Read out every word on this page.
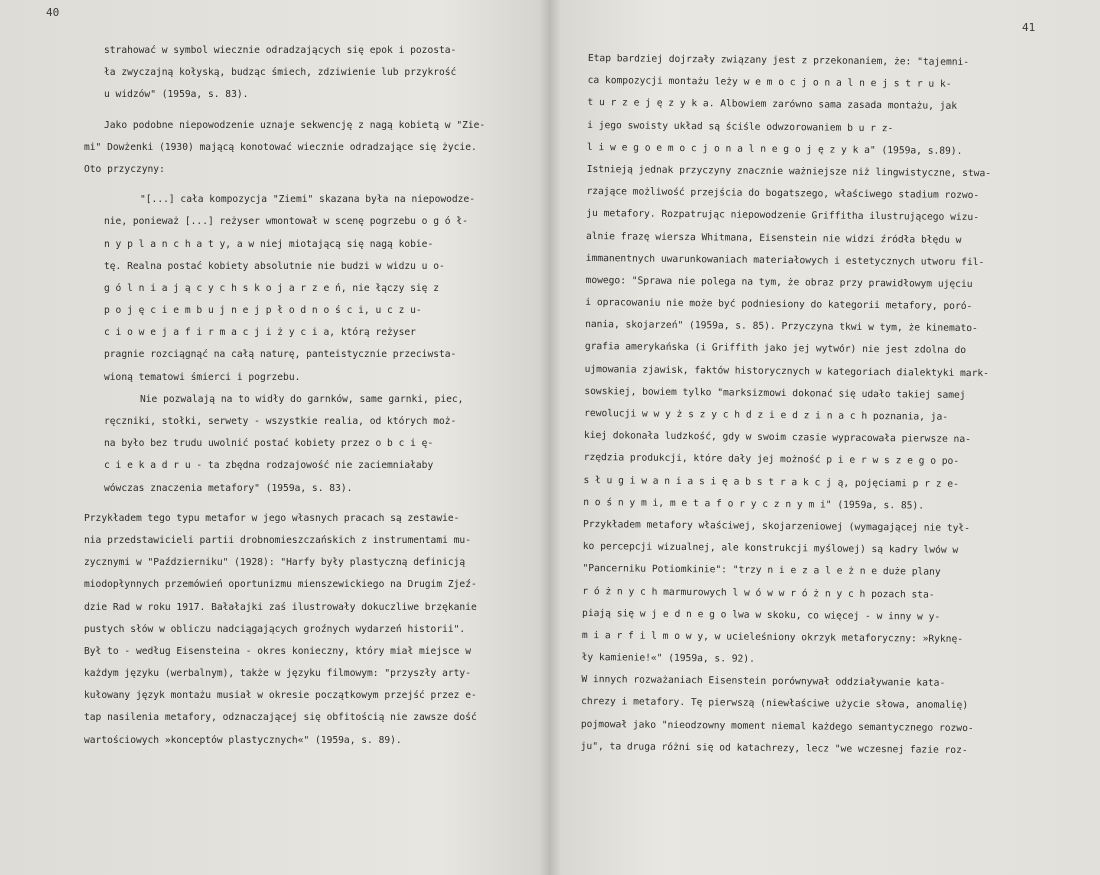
40
strahować w symbol wiecznie odradzających się epok i pozosta-
ła zwyczajną kołyską, budząc śmiech, zdziwienie lub przykrość
u widzów" (1959a, s. 83).
Jako podobne niepowodzenie uznaje sekwencję z nagą kobietą w "Zie-
mi" Dowżenki (1930) mającą konotować wiecznie odradzające się życie.
Oto przyczyny:
"[...] cała kompozycja "Ziemi" skazana była na niepowodze-
nie, ponieważ [...] reżyser wmontował w scenę pogrzebu o g ó ł-
n y p l a n c h a t y, a w niej miotającą się nagą kobie-
tę. Realna postać kobiety absolutnie nie budzi w widzu u o-
g ó l n i a j ą c y c h s k o j a r z e ń, nie łączy się z
p o j ę c i e m b u j n e j p ł o d n o ś c i, u c z u-
c i o w e j a f i r m a c j i ż y c i a, którą reżyser
pragnie rozciągnąć na całą naturę, panteistycznie przeciwsta-
wioną tematowi śmierci i pogrzebu.
Nie pozwalają na to widły do garnków, same garnki, piec,
ręczniki, stołki, serwety - wszystkie realia, od których moż-
na było bez trudu uwolnić postać kobiety przez o b c i ę-
c i e k a d r u - ta zbędna rodzajowość nie zaciemniałaby
wówczas znaczenia metafory" (1959a, s. 83).
Przykładem tego typu metafor w jego własnych pracach są zestawie-
nia przedstawicieli partii drobnomieszczańskich z instrumentami mu-
zycznymi w "Październiku" (1928): "Harfy były plastyczną definicją
miodopłynnych przemówień oportunizmu mienszewickiego na Drugim Zjeź-
dzie Rad w roku 1917. Bałałajki zaś ilustrowały dokuczliwe brzękanie
pustych słów w obliczu nadciągających groźnych wydarzeń historii".
Był to - według Eisensteina - okres konieczny, który miał miejsce w
każdym języku (werbalnym), także w języku filmowym: "przyszły arty-
kułowany język montażu musiał w okresie początkowym przejść przez e-
tap nasilenia metafory, odznaczającej się obfitością nie zawsze dość
wartościowych »konceptów plastycznych«" (1959a, s. 89).
41
Etap bardziej dojrzały związany jest z przekonaniem, że: "tajemni-
ca kompozycji montażu leży w e m o c j o n a l n e j s t r u k-
t u r z e j ę z y k a. Albowiem zarówno sama zasada montażu, jak
i jego swoisty układ są ściśle odwzorowaniem b u r z-
l i w e g o e m o c j o n a l n e g o j ę z y k a" (1959a, s.89).
Istnieją jednak przyczyny znacznie ważniejsze niż lingwistyczne, stwa-
rzające możliwość przejścia do bogatszego, właściwego stadium rozwo-
ju metafory. Rozpatrując niepowodzenie Griffitha ilustrującego wizu-
alnie frazę wiersza Whitmana, Eisenstein nie widzi źródła błędu w
immanentnych uwarunkowaniach materiałowych i estetycznych utworu fil-
mowego: "Sprawa nie polega na tym, że obraz przy prawidłowym ujęciu
i opracowaniu nie może być podniesiony do kategorii metafory, poró-
nania, skojarzeń" (1959a, s. 85). Przyczyna tkwi w tym, że kinemato-
grafia amerykańska (i Griffith jako jej wytwór) nie jest zdolna do
ujmowania zjawisk, faktów historycznych w kategoriach dialektyki mark-
sowskiej, bowiem tylko "marksizmowi dokonać się udało takiej samej
rewolucji w w y ż s z y c h d z i e d z i n a c h poznania, ja-
kiej dokonała ludzkość, gdy w swoim czasie wypracowała pierwsze na-
rzędzia produkcji, które dały jej możność p i e r w s z e g o po-
s ł u g i w a n i a s i ę a b s t r a k c j ą, pojęciami p r z e-
n o ś n y m i, m e t a f o r y c z n y m i" (1959a, s. 85).
Przykładem metafory właściwej, skojarzeniowej (wymagającej nie tył-
ko percepcji wizualnej, ale konstrukcji myślowej) są kadry lwów w
"Pancerniku Potiomkinie": "trzy n i e z a l e ż n e duże plany
r ó ż n y c h marmurowych l w ó w w r ó ż n y c h pozach sta-
piają się w j e d n e g o lwa w skoku, co więcej - w inny w y-
m i a r f i l m o w y, w ucieleśniony okrzyk metaforyczny: »Ryknę-
ły kamienie!«" (1959a, s. 92).
W innych rozważaniach Eisenstein porównywał oddziaływanie kata-
chrezy i metafory. Tę pierwszą (niewłaściwe użycie słowa, anomalię)
pojmował jako "nieodzowny moment niemal każdego semantycznego rozwo-
ju", ta druga różni się od katachrezy, lecz "we wczesnej fazie roz-
